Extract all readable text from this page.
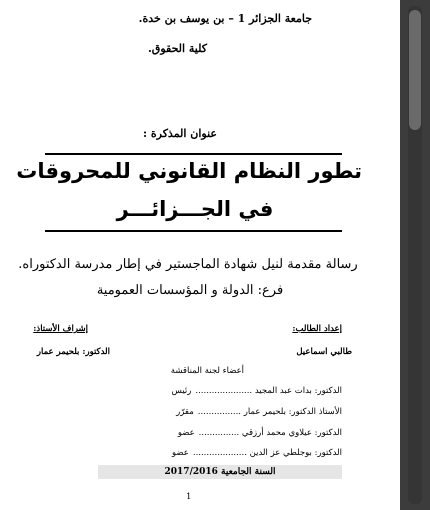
جامعة الجزائر 1 – بن يوسف بن خدة.
كلية الحقوق.
عنوان المذكرة :
تطور النظام القانوني للمحروقات
في الجـــزائـــر
رسالة مقدمة لنيل شهادة الماجستير في إطار مدرسة الدكتوراه.
فرع: الدولة و المؤسسات العمومية
إعداد الطالب:
إشراف الأستاذ:
طالبي اسماعيل
الدكتور: بلحيمر عمار
أعضاء لجنة المناقشة
الدكتور: بدات عبد المجيد .....................رئيس
الأستاذ الدكتور: بلحيمر عمار ................مقرّر
الدكتور: عيلاوي محمد أرزقي ...............عضو
الدكتور: بوجلطي عز الدين ....................عضو
السنة الجامعية 2017/2016
1
